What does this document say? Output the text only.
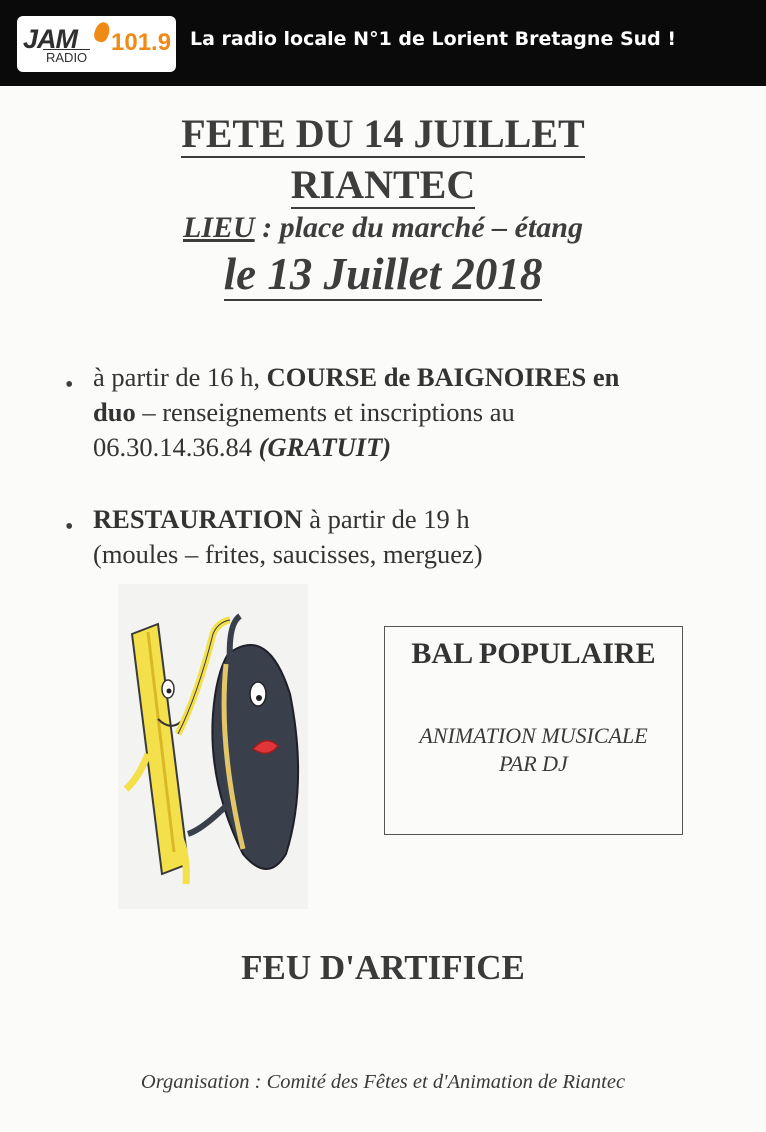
JAM
RADIO
101.9 La radio locale N°1 de Lorient Bretagne Sud !
FETE DU 14 JUILLET
RIANTEC
LIEU : place du marché – étang
le 13 Juillet 2018
• à partir de 16 h, COURSE de BAIGNOIRES en
duo – renseignements et inscriptions au
06.30.14.36.84 (GRATUIT)
• RESTAURATION à partir de 19 h
(moules – frites, saucisses, merguez)
BAL POPULAIRE
ANIMATION MUSICALE
PAR DJ
FEU D'ARTIFICE
Organisation : Comité des Fêtes et d'Animation de Riantec
